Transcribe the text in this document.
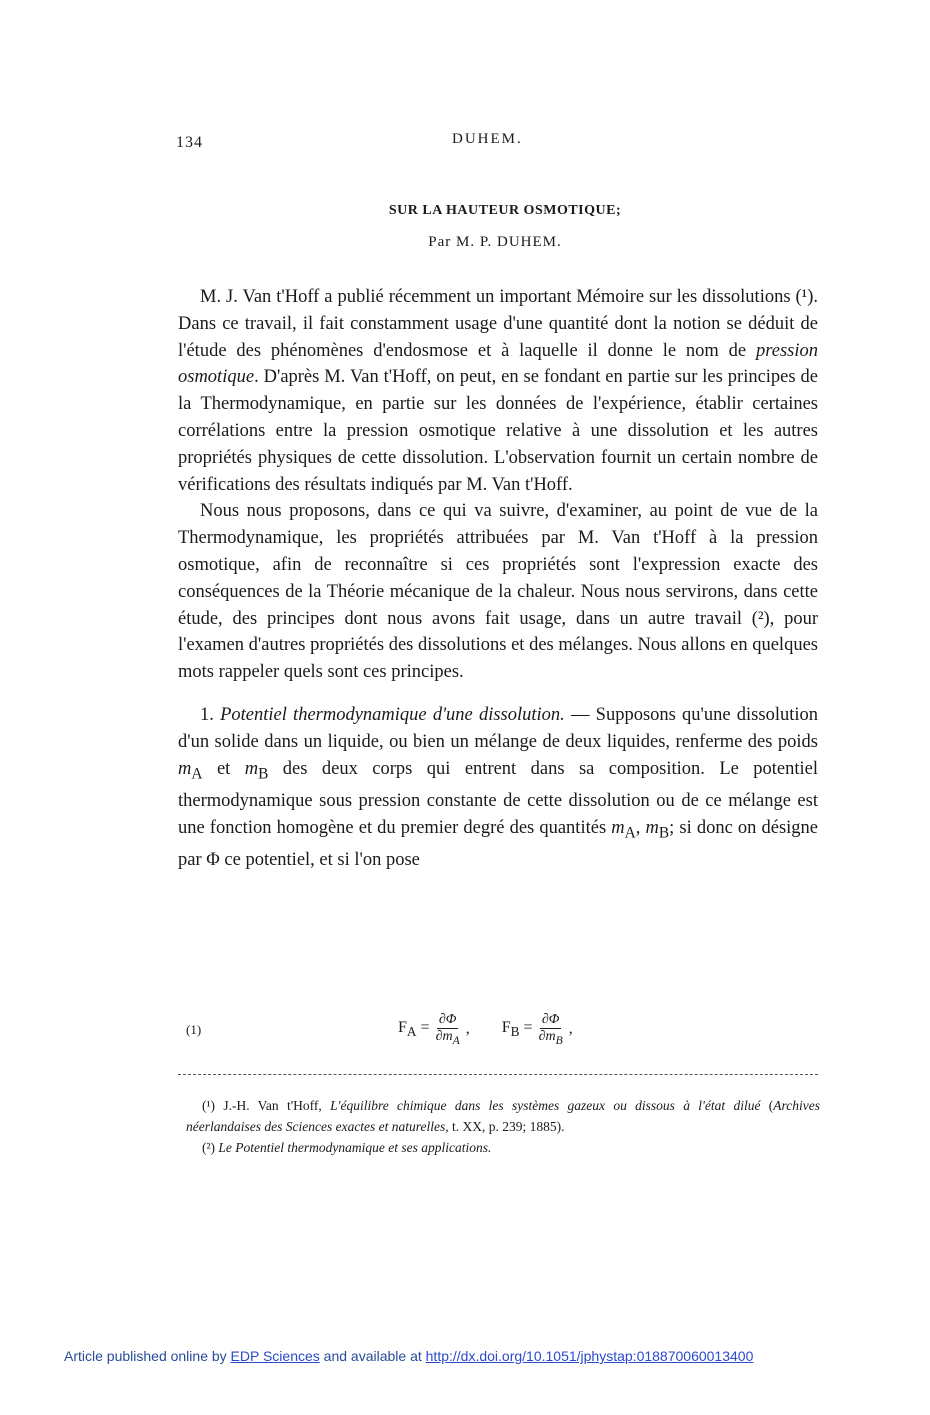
134	DUHEM.
SUR LA HAUTEUR OSMOTIQUE;
Par M. P. DUHEM.

M. J. Van t'Hoff a publié récemment un important Mémoire sur les dissolutions (¹). Dans ce travail, il fait constamment usage d'une quantité dont la notion se déduit de l'étude des phénomènes d'endosmose et à laquelle il donne le nom de pression osmotique. D'après M. Van t'Hoff, on peut, en se fondant en partie sur les principes de la Thermodynamique, en partie sur les données de l'expérience, établir certaines corrélations entre la pression osmotique relative à une dissolution et les autres propriétés physiques de cette dissolution. L'observation fournit un certain nombre de vérifications des résultats indiqués par M. Van t'Hoff.

Nous nous proposons, dans ce qui va suivre, d'examiner, au point de vue de la Thermodynamique, les propriétés attribuées par M. Van t'Hoff à la pression osmotique, afin de reconnaître si ces propriétés sont l'expression exacte des conséquences de la Théorie mécanique de la chaleur. Nous nous servirons, dans cette étude, des principes dont nous avons fait usage, dans un autre travail (²), pour l'examen d'autres propriétés des dissolutions et des mélanges. Nous allons en quelques mots rappeler quels sont ces principes.

1. Potentiel thermodynamique d'une dissolution. — Supposons qu'une dissolution d'un solide dans un liquide, ou bien un mélange de deux liquides, renferme des poids $m_A$ et $m_B$ des deux corps qui entrent dans sa composition. Le potentiel thermodynamique sous pression constante de cette dissolution ou de ce mélange est une fonction homogène et du premier degré des quantités $m_A$, $m_B$; si donc on désigne par Φ ce potentiel, et si l'on pose

(1)	$F_A = \frac{\partial\Phi}{\partial m_A}$ , $F_B = \frac{\partial\Phi}{\partial m_B}$ ,

(¹) J.-H. Van t'Hoff, L'équilibre chimique dans les systèmes gazeux ou dissous à l'état dilué (Archives néerlandaises des Sciences exactes et naturelles, t. XX, p. 239; 1885).

(²) Le Potentiel thermodynamique et ses applications.

Article published online by EDP Sciences and available at http://dx.doi.org/10.1051/jphystap:018870060013400
